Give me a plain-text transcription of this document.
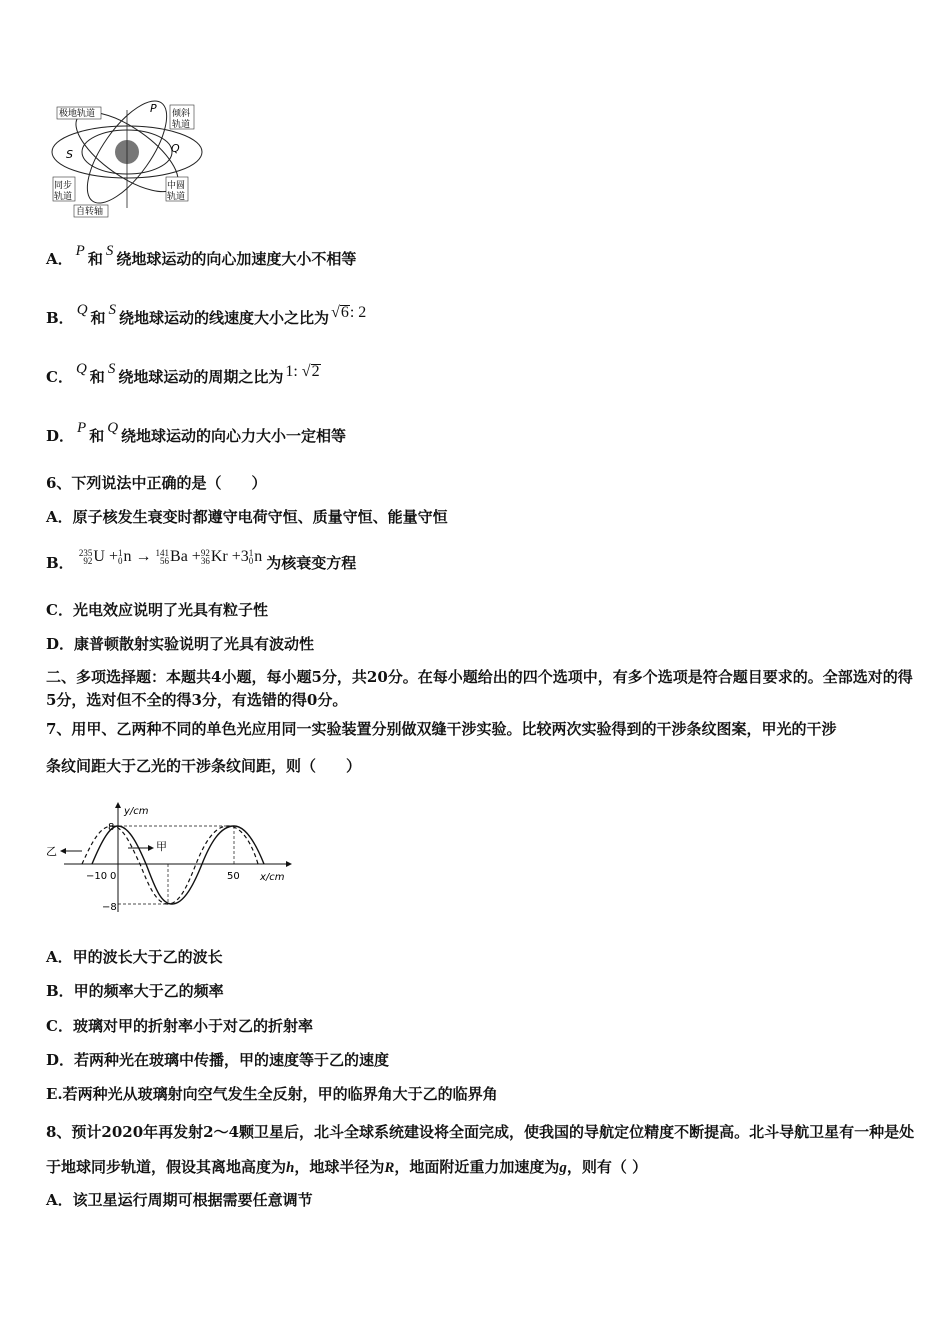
极地轨道	P 倾斜
轨道
S	Q
同步
轨道
中圆
轨道
自转轴
A． P 和 S 绕地球运动的向心加速度大小不相等
B． Q 和 S 绕地球运动的线速度大小之比为 √6: 2
C． Q 和 S 绕地球运动的周期之比为 1: √2
D． P 和 Q 绕地球运动的向心力大小一定相等
6、下列说法中正确的是（　　）
A．原子核发生衰变时都遵守电荷守恒、质量守恒、能量守恒
B．
235
92 U + 1
0 n → 141
56 Ba + 92
36 Kr +3 1
0 n 为核衰变方程
C．光电效应说明了光具有粒子性
D．康普顿散射实验说明了光具有波动性
二、多项选择题：本题共4小题，每小题5分，共20分。在每小题给出的四个选项中，有多个选项是符合题目要求的。全部选对的得5分，选对但不全的得3分，有选错的得0分。
7、用甲、乙两种不同的单色光应用同一实验装置分别做双缝干涉实验。比较两次实验得到的干涉条纹图案，甲光的干涉
条纹间距大于乙光的干涉条纹间距，则（　　）
y/cm
x/cm
8
−8
−10 0	50
甲
乙
A．甲的波长大于乙的波长
B．甲的频率大于乙的频率
C．玻璃对甲的折射率小于对乙的折射率
D．若两种光在玻璃中传播，甲的速度等于乙的速度
E.若两种光从玻璃射向空气发生全反射，甲的临界角大于乙的临界角
8、预计2020年再发射2～4颗卫星后，北斗全球系统建设将全面完成，使我国的导航定位精度不断提高。北斗导航卫星有一种是处于地球同步轨道，假设其离地高度为h，地球半径为R，地面附近重力加速度为g，则有（ ）
A．该卫星运行周期可根据需要任意调节
